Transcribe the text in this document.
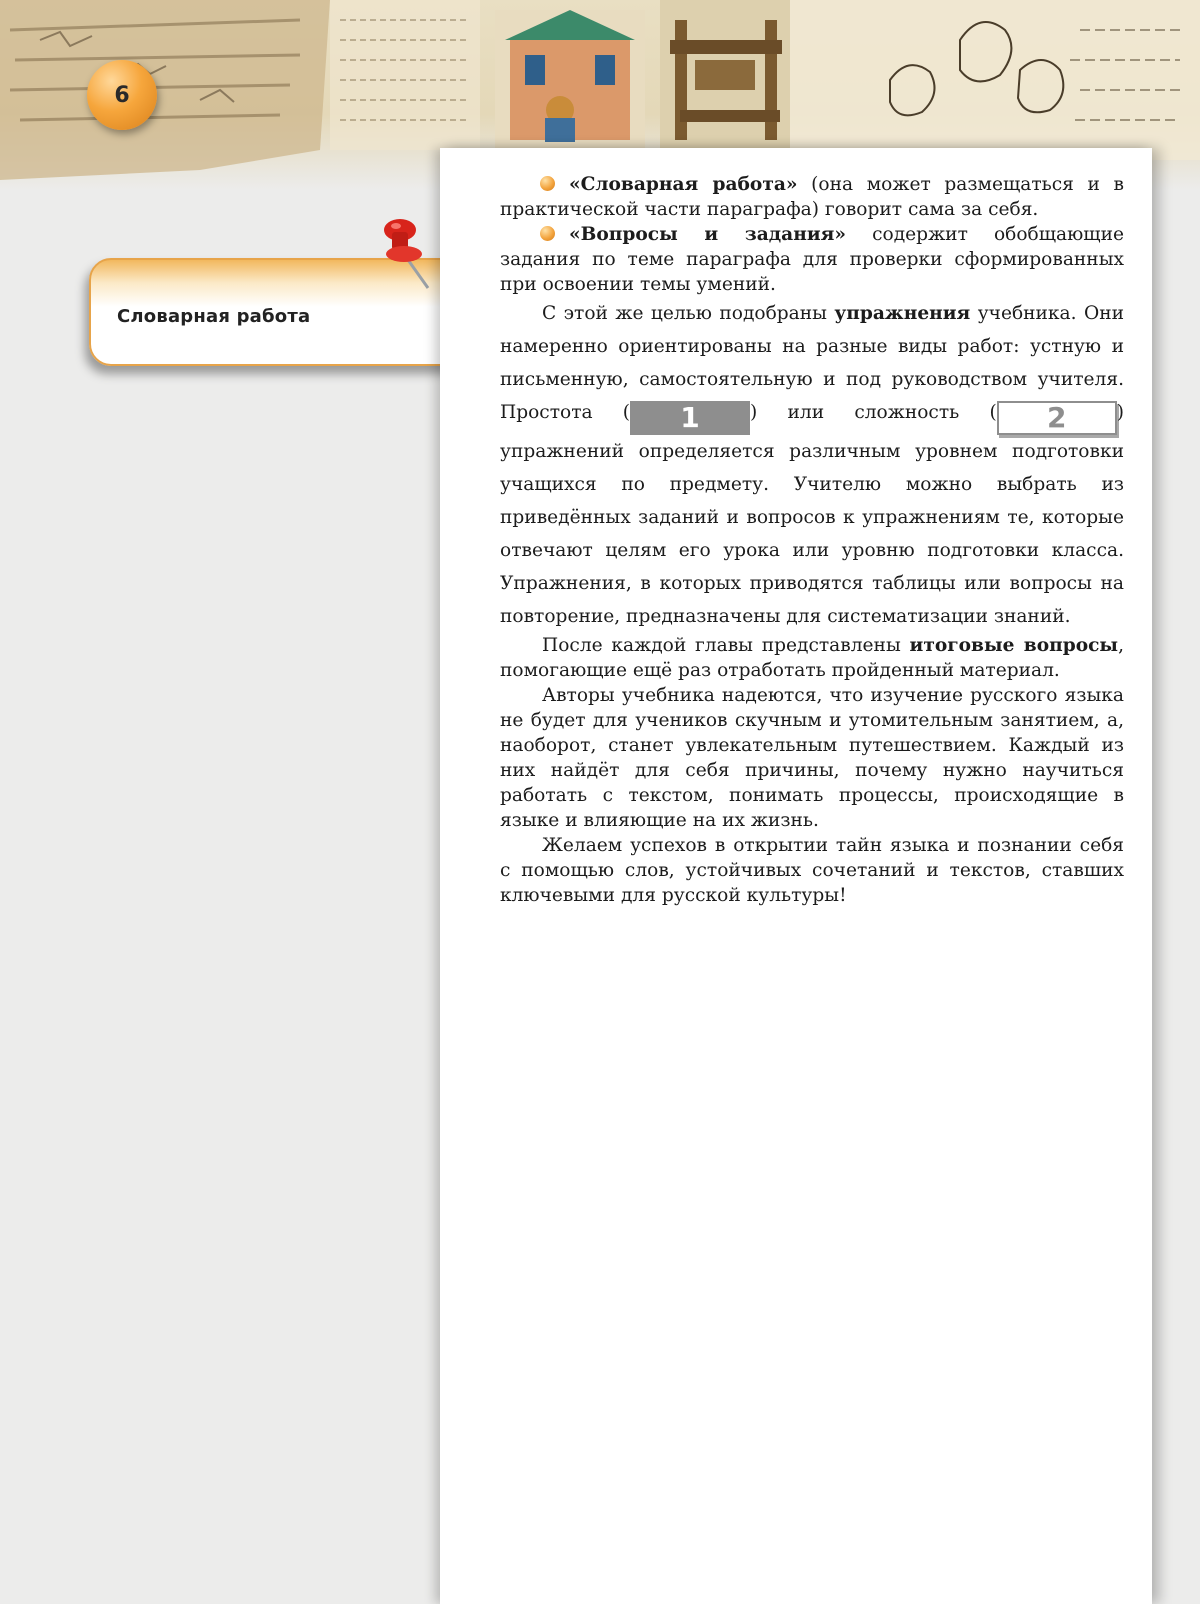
6
Словарная работа

«Словарная работа» (она может размещаться и в практической части параграфа) говорит сама за себя.

«Вопросы и задания» содержит обобщающие задания по теме параграфа для проверки сформированных при освоении темы умений.

С этой же целью подобраны упражнения учебника. Они намеренно ориентированы на разные виды работ: устную и письменную, самостоятельную и под руководством учителя. Простота ( 1	) или сложность ( 2	) упражнений определяется различным уровнем подготовки учащихся по предмету. Учителю можно выбрать из приведённых заданий и вопросов к упражнениям те, которые отвечают целям его урока или уровню подготовки класса. Упражнения, в которых приводятся таблицы или вопросы на повторение, предназначены для систематизации знаний.

После каждой главы представлены итоговые вопросы, помогающие ещё раз отработать пройденный материал.

Авторы учебника надеются, что изучение русского языка не будет для учеников скучным и утомительным занятием, а, наоборот, станет увлекательным путешествием. Каждый из них найдёт для себя причины, почему нужно научиться работать с текстом, понимать процессы, происходящие в языке и влияющие на их жизнь.

Желаем успехов в открытии тайн языка и познании себя с помощью слов, устойчивых сочетаний и текстов, ставших ключевыми для русской культуры!
